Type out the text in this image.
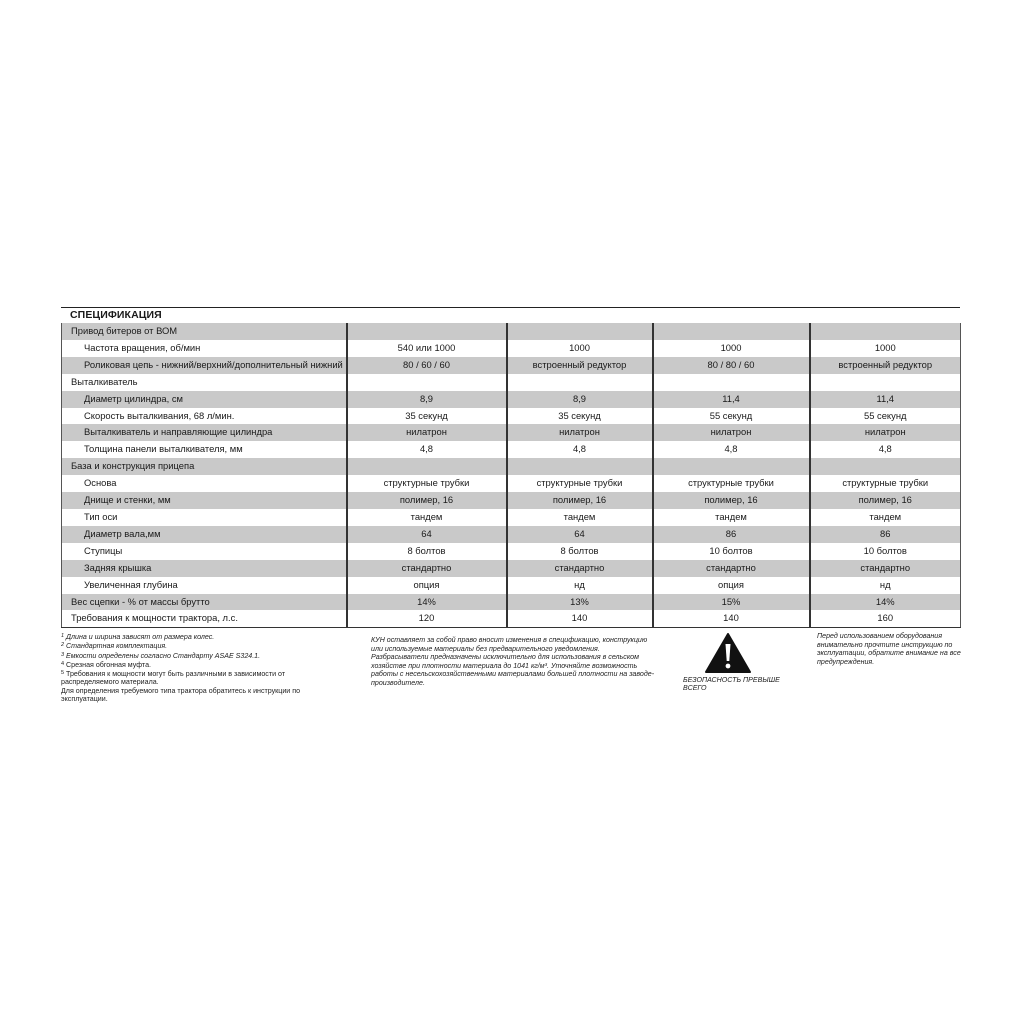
СПЕЦИФИКАЦИЯ
Привод битеров от ВОМ				
Частота вращения, об/мин	540 или 1000	1000	1000	1000
Роликовая цепь - нижний/верхний/дополнительный нижний	80 / 60 / 60	встроенный редуктор	80 / 80 / 60	встроенный редуктор
Выталкиватель				
Диаметр цилиндра, см	8,9	8,9	11,4	11,4
Скорость выталкивания, 68 л/мин.	35 секунд	35 секунд	55 секунд	55 секунд
Выталкиватель и направляющие цилиндра	нилатрон	нилатрон	нилатрон	нилатрон
Толщина панели выталкивателя, мм	4,8	4,8	4,8	4,8
База и конструкция прицепа				
Основа	структурные трубки	структурные трубки	структурные трубки	структурные трубки
Днище и стенки, мм	полимер, 16	полимер, 16	полимер, 16	полимер, 16
Тип оси	тандем	тандем	тандем	тандем
Диаметр вала,мм	64	64	86	86
Ступицы	8 болтов	8 болтов	10 болтов	10 болтов
Задняя крышка	стандартно	стандартно	стандартно	стандартно
Увеличенная глубина	опция	нд	опция	нд
Вес сцепки - % от массы брутто	14%	13%	15%	14%
Требования к мощности трактора, л.с.	120	140	140	160
$^1$ Длина и ширина зависят от размера колес.
$^2$ Стандартная комплектация.
$^3$ Емкости определены согласно Стандарту ASAE S324.1.
$^4$ Срезная обгонная муфта.
$^5$ Требования к мощности могут быть различными в зависимости от распределяемого материала.
Для определения требуемого типа трактора обратитесь к инструкции по эксплуатации.
КУН оставляет за собой право вносит изменения в спецификацию, конструкцию или используемые материалы без предварительного уведомления. Разбрасыватели предназначены исключительно для использования в сельском хозяйстве при плотности материала до 1041 кг/м³. Уточняйте возможность работы с несельскохозяйственными материалами большей плотности на заводе-производителе.	БЕЗОПАСНОСТЬ ПРЕВЫШЕ ВСЕГО
Перед использованием оборудования внимательно прочтите инструкцию по эксплуатации, обратите внимание на все предупреждения.
